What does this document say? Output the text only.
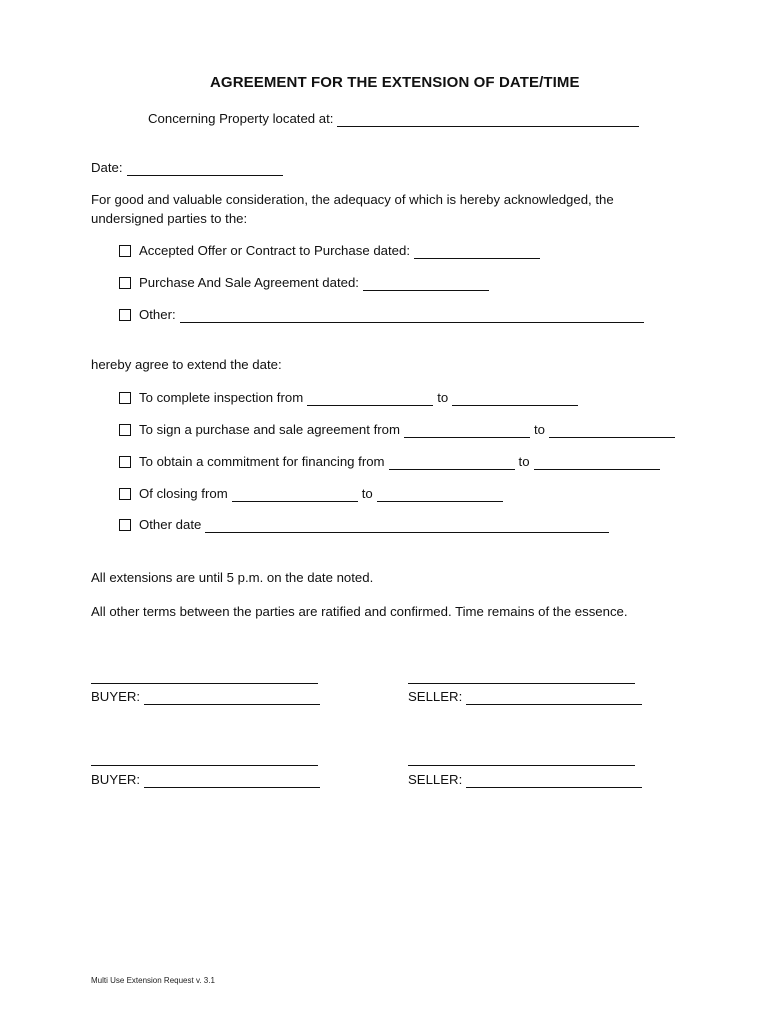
AGREEMENT FOR THE EXTENSION OF DATE/TIME
Concerning Property located at:
Date:
For good and valuable consideration, the adequacy of which is hereby acknowledged, the
undersigned parties to the:
Accepted Offer or Contract to Purchase dated:
Purchase And Sale Agreement dated:
Other:
hereby agree to extend the date:
To complete inspection from	to
To sign a purchase and sale agreement from	to
To obtain a commitment for financing from	to
Of closing from	to
Other date
All extensions are until 5 p.m. on the date noted.
All other terms between the parties are ratified and confirmed. Time remains of the essence.
BUYER:	SELLER:
BUYER:	SELLER:
Multi Use Extension Request v. 3.1
